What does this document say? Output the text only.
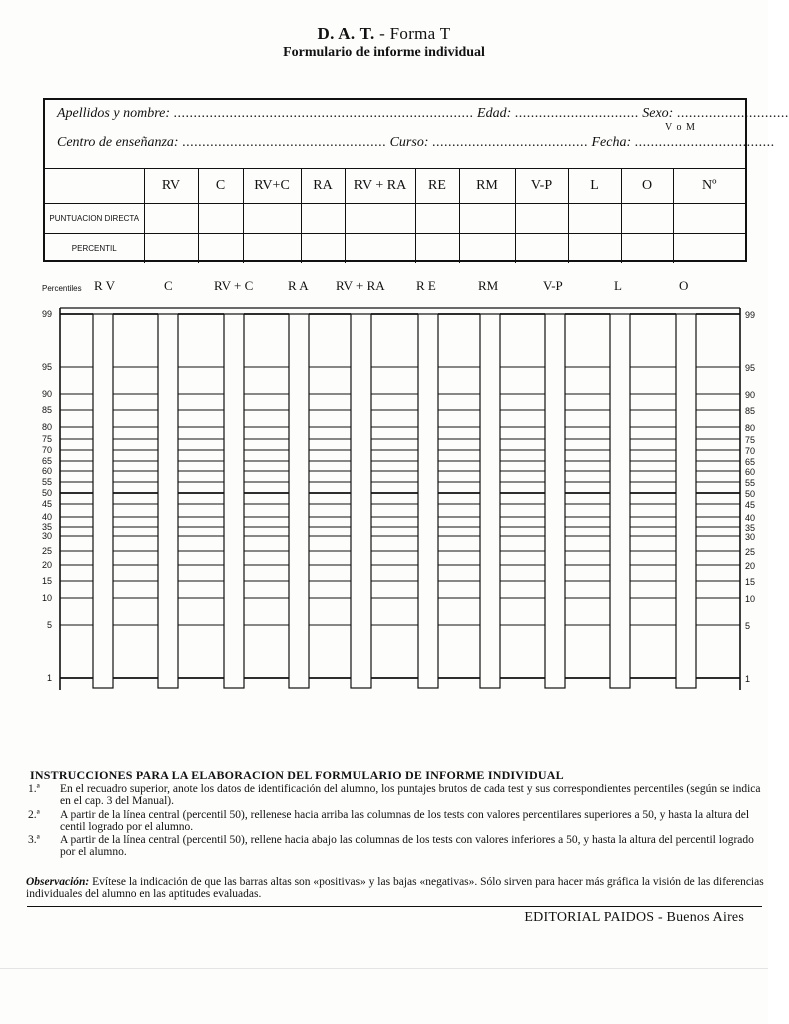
D. A. T. - Forma T
Formulario de informe individual
Apellidos y nombre: ........................................................................... Edad: ............................... Sexo: ............................
V o M
Centro de enseñanza: ................................................... Curso: ....................................... Fecha: ...................................
	RV	C	RV+C	RA	RV + RA	RE	RM	V-P	L	O	Nº
PUNTUACION DIRECTA											
PERCENTIL											
Percentiles R V	C	RV + C	R A RV + RA R E	RM	V-P	L	O
99	99
95	95
90	90
85	85
80	80
75	75
70	70
65	65
60	60
55	55
50	50
45	45
40	40
35	35
30	30
25	25
20	20
15	15
10	10
5	5
1	1
INSTRUCCIONES PARA LA ELABORACION DEL FORMULARIO DE INFORME INDIVIDUAL
1.ª En el recuadro superior, anote los datos de identificación del alumno, los puntajes brutos de cada test y sus correspondientes percentiles (según se indica en el cap. 3 del Manual).
2.ª A partir de la línea central (percentil 50), rellenese hacia arriba las columnas de los tests con valores percentilares superiores a 50, y hasta la altura del centil logrado por el alumno.
3.ª A partir de la línea central (percentil 50), rellene hacia abajo las columnas de los tests con valores inferiores a 50, y hasta la altura del percentil logrado por el alumno.
Observación: Evítese la indicación de que las barras altas son «positivas» y las bajas «negativas». Sólo sirven para hacer más gráfica la visión de las diferencias individuales del alumno en las aptitudes evaluadas.
EDITORIAL PAIDOS - Buenos Aires
